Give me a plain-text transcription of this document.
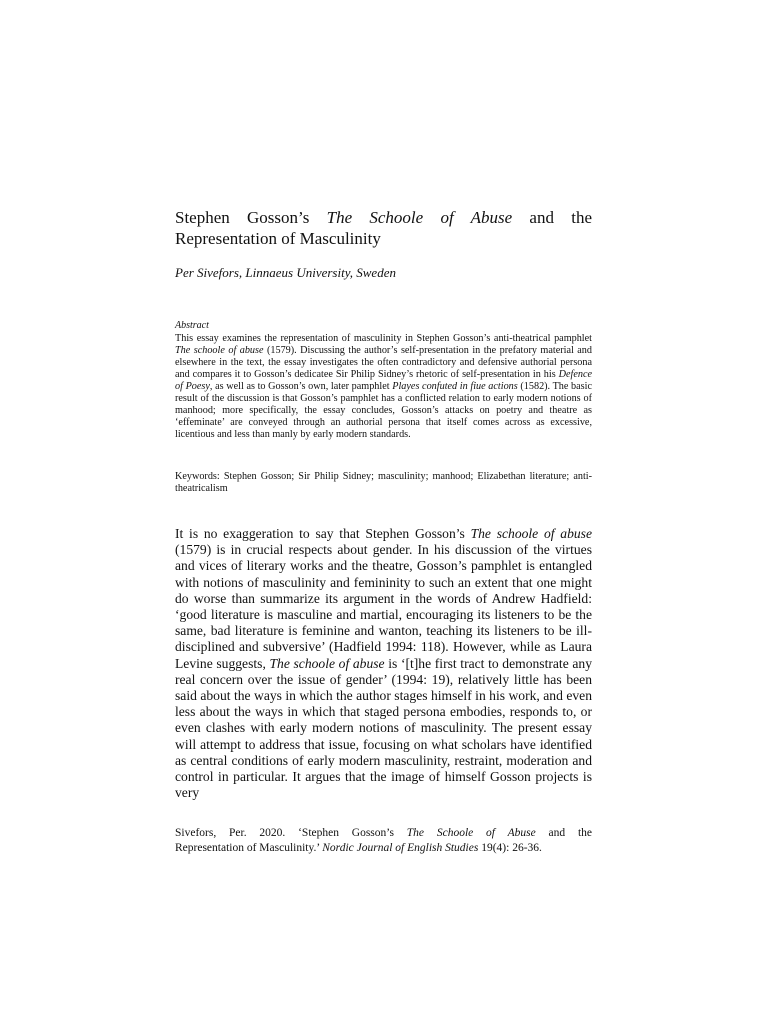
Stephen Gosson’s The Schoole of Abuse and the
Representation of Masculinity
Per Sivefors, Linnaeus University, Sweden
Abstract
This essay examines the representation of masculinity in Stephen Gosson’s anti-theatrical pamphlet The schoole of abuse (1579). Discussing the author’s self-presentation in the prefatory material and elsewhere in the text, the essay investigates the often contradictory and defensive authorial persona and compares it to Gosson’s dedicatee Sir Philip Sidney’s rhetoric of self-presentation in his Defence of Poesy, as well as to Gosson’s own, later pamphlet Playes confuted in fiue actions (1582). The basic result of the discussion is that Gosson’s pamphlet has a conflicted relation to early modern notions of manhood; more specifically, the essay concludes, Gosson’s attacks on poetry and theatre as ‘effeminate’ are conveyed through an authorial persona that itself comes across as excessive, licentious and less than manly by early modern standards.
Keywords: Stephen Gosson; Sir Philip Sidney; masculinity; manhood; Elizabethan literature; anti-theatricalism
It is no exaggeration to say that Stephen Gosson’s The schoole of abuse (1579) is in crucial respects about gender. In his discussion of the virtues and vices of literary works and the theatre, Gosson’s pamphlet is entangled with notions of masculinity and femininity to such an extent that one might do worse than summarize its argument in the words of Andrew Hadfield: ‘good literature is masculine and martial, encouraging its listeners to be the same, bad literature is feminine and wanton, teaching its listeners to be ill-disciplined and subversive’ (Hadfield 1994: 118). However, while as Laura Levine suggests, The schoole of abuse is ‘[t]he first tract to demonstrate any real concern over the issue of gender’ (1994: 19), relatively little has been said about the ways in which the author stages himself in his work, and even less about the ways in which that staged persona embodies, responds to, or even clashes with early modern notions of masculinity. The present essay will attempt to address that issue, focusing on what scholars have identified as central conditions of early modern masculinity, restraint, moderation and control in particular. It argues that the image of himself Gosson projects is very
Sivefors, Per. 2020. ‘Stephen Gosson’s The Schoole of Abuse and the
Representation of Masculinity.’ Nordic Journal of English Studies 19(4): 26-36.
